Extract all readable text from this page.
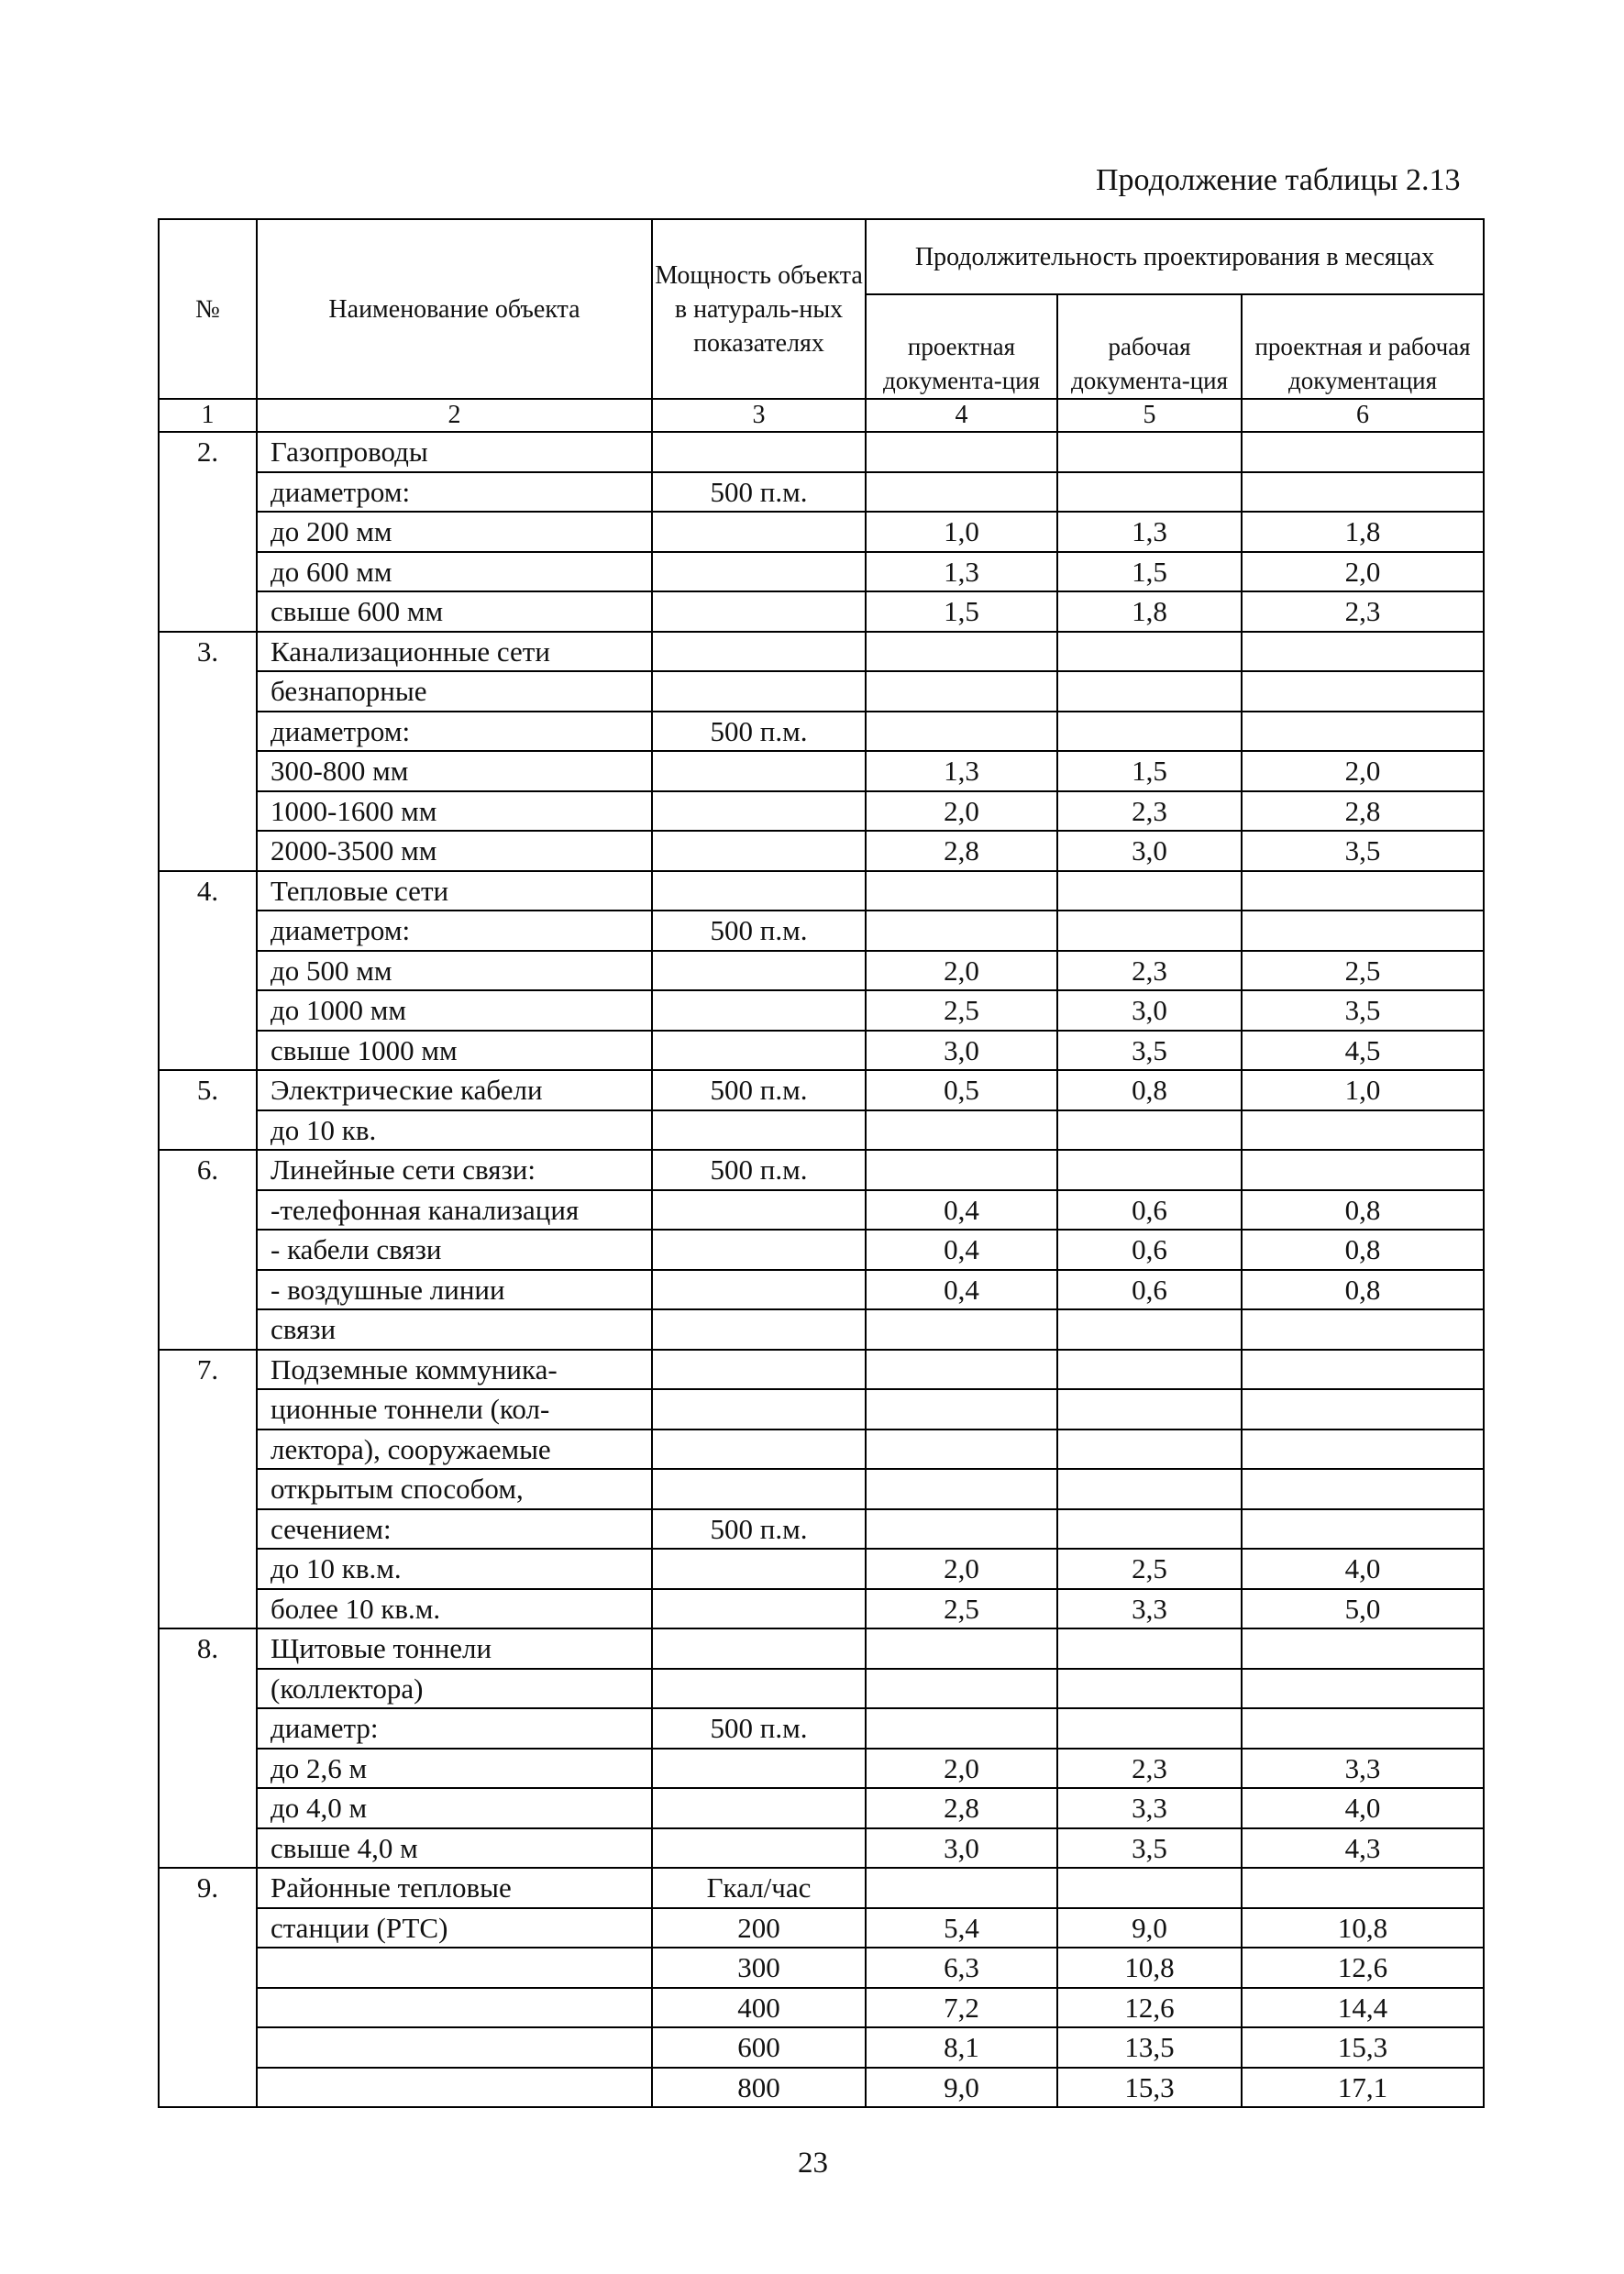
Продолжение таблицы 2.13
№	Наименование объекта	Мощность объекта в натураль-ных показателях	Продолжительность проектирования в месяцах		
			проектная документа-ция	рабочая документа-ция	проектная и рабочая документация
1	2	3	4	5	6
2.	Газопроводы				
	диаметром:	500 п.м.			
	до 200 мм		1,0	1,3	1,8
	до 600 мм		1,3	1,5	2,0
	свыше 600 мм		1,5	1,8	2,3
3.	Канализационные сети				
	безнапорные				
	диаметром:	500 п.м.			
	300-800 мм		1,3	1,5	2,0
	1000-1600 мм		2,0	2,3	2,8
	2000-3500 мм		2,8	3,0	3,5
4.	Тепловые сети				
	диаметром:	500 п.м.			
	до 500 мм		2,0	2,3	2,5
	до 1000 мм		2,5	3,0	3,5
	свыше 1000 мм		3,0	3,5	4,5
5.	Электрические кабели	500 п.м.	0,5	0,8	1,0
	до 10 кв.				
6.	Линейные сети связи:	500 п.м.			
	-телефонная канализация		0,4	0,6	0,8
	- кабели связи		0,4	0,6	0,8
	- воздушные линии		0,4	0,6	0,8
	связи				
7.	Подземные коммуника-				
	ционные тоннели (кол-				
	лектора), сооружаемые				
	открытым способом,				
	сечением:	500 п.м.			
	до 10 кв.м.		2,0	2,5	4,0
	более 10 кв.м.		2,5	3,3	5,0
8.	Щитовые тоннели				
	(коллектора)				
	диаметр:	500 п.м.			
	до 2,6 м		2,0	2,3	3,3
	до 4,0 м		2,8	3,3	4,0
	свыше 4,0 м		3,0	3,5	4,3
9.	Районные тепловые	Гкал/час			
	станции (РТС)	200	5,4	9,0	10,8
		300	6,3	10,8	12,6
		400	7,2	12,6	14,4
		600	8,1	13,5	15,3
		800	9,0	15,3	17,1
23
